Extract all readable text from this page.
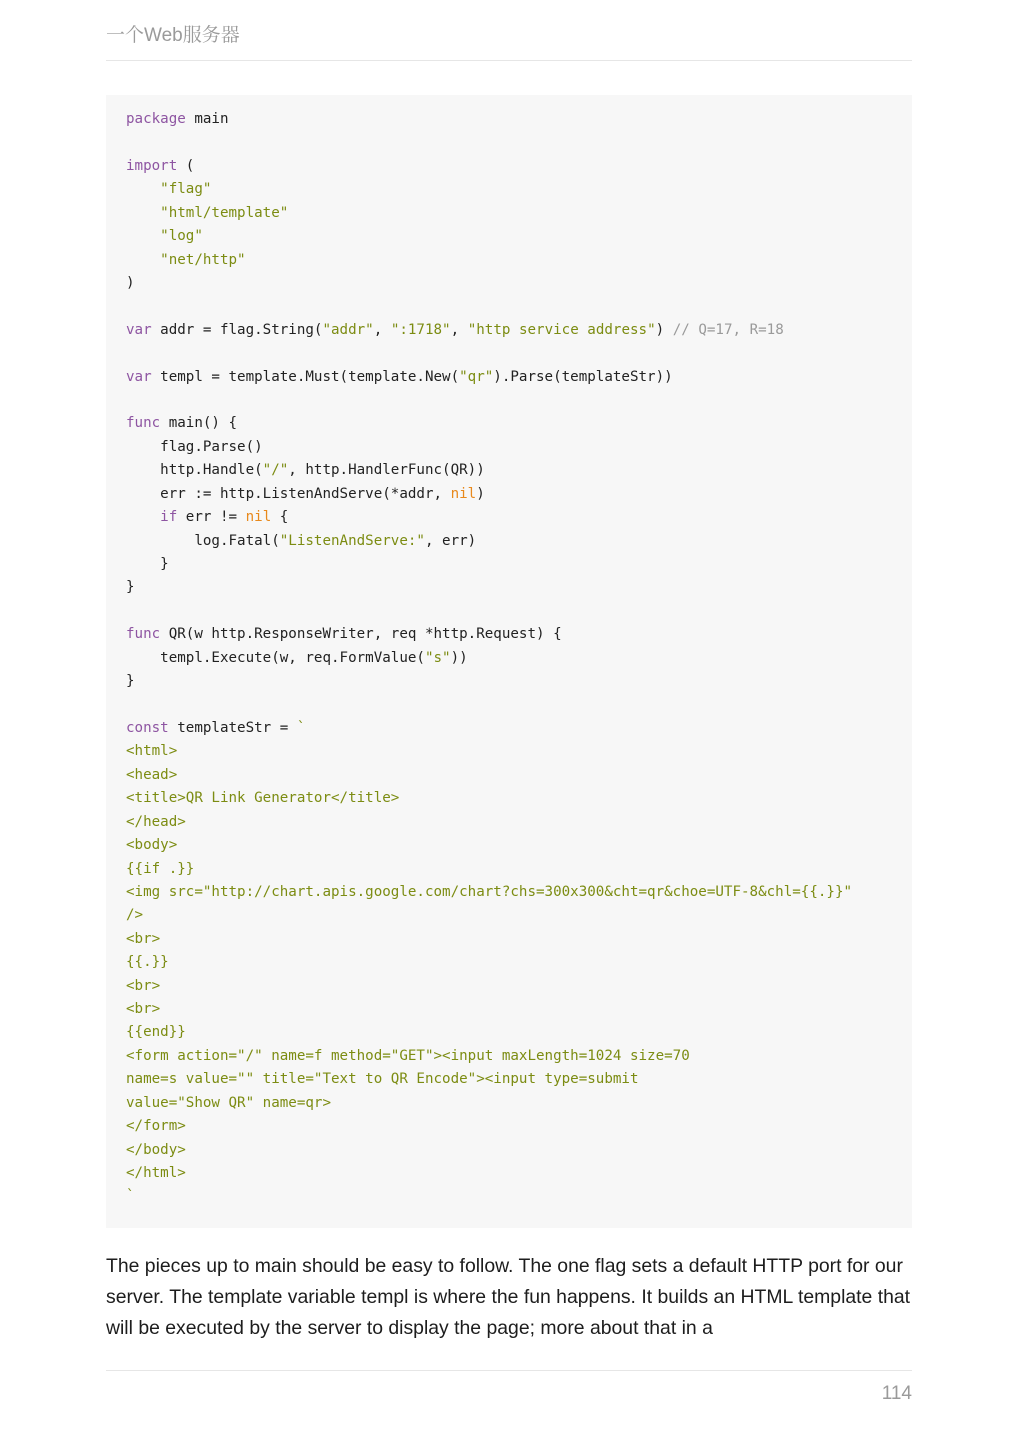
一个Web服务器
package main
import (
"flag"
"html/template"
"log"
"net/http"
)
var addr = flag.String("addr", ":1718", "http service address") // Q=17, R=18
var templ = template.Must(template.New("qr").Parse(templateStr))
func main() {
flag.Parse()
http.Handle("/", http.HandlerFunc(QR))
err := http.ListenAndServe(*addr, nil)
if err != nil {
log.Fatal("ListenAndServe:", err)
}
}
func QR(w http.ResponseWriter, req *http.Request) {
templ.Execute(w, req.FormValue("s"))
}
const templateStr = `
<html>
<head>
<title>QR Link Generator</title>
</head>
<body>
{{if .}}
<img src="http://chart.apis.google.com/chart?chs=300x300&cht=qr&choe=UTF-8&chl={{.}}"
/>
<br>
{{.}}
<br>
<br>
{{end}}
<form action="/" name=f method="GET"><input maxLength=1024 size=70
name=s value="" title="Text to QR Encode"><input type=submit
value="Show QR" name=qr>
</form>
</body>
</html>
`

The pieces up to main should be easy to follow. The one flag sets a default HTTP port for our server. The template variable templ is where the fun happens. It builds an HTML template that will be executed by the server to display the page; more about that in a

114
